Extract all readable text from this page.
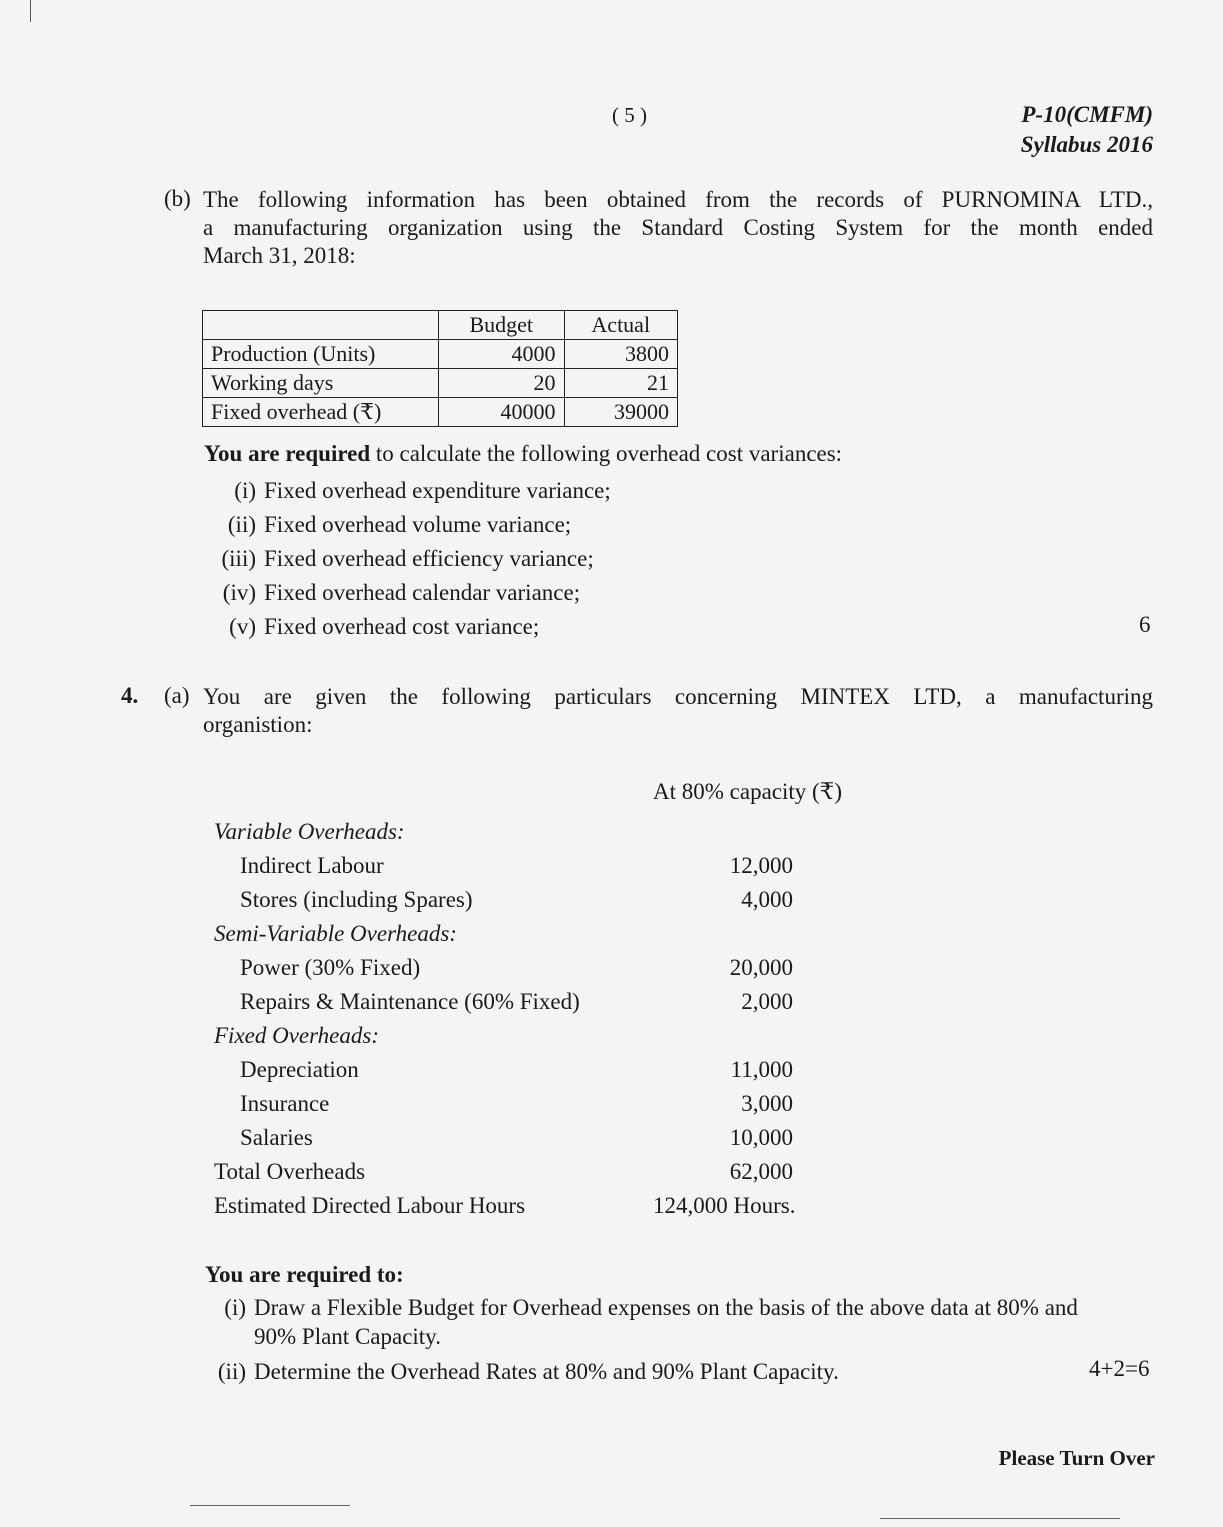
( 5 )	P-10(CMFM)
Syllabus 2016
(b) The following information has been obtained from the records of PURNOMINA LTD.,
a manufacturing organization using the Standard Costing System for the month ended
March 31, 2018:
	Budget	Actual
Production (Units)	4000	3800
Working days	20	21
Fixed overhead (₹)	40000	39000
You are required to calculate the following overhead cost variances:
(i) Fixed overhead expenditure variance;
(ii) Fixed overhead volume variance;
(iii) Fixed overhead efficiency variance;
(iv) Fixed overhead calendar variance;
(v) Fixed overhead cost variance;	6
4. (a) You are given the following particulars concerning MINTEX LTD, a manufacturing
organistion:
At 80% capacity (₹)
Variable Overheads:
Indirect Labour	12,000
Stores (including Spares)	4,000
Semi-Variable Overheads:
Power (30% Fixed)	20,000
Repairs & Maintenance (60% Fixed)	2,000
Fixed Overheads:
Depreciation	11,000
Insurance	3,000
Salaries	10,000
Total Overheads	62,000
Estimated Directed Labour Hours	124,000 Hours.
You are required to:
(i) Draw a Flexible Budget for Overhead expenses on the basis of the above data at 80% and
90% Plant Capacity.
(ii) Determine the Overhead Rates at 80% and 90% Plant Capacity.	4+2=6
Please Turn Over
